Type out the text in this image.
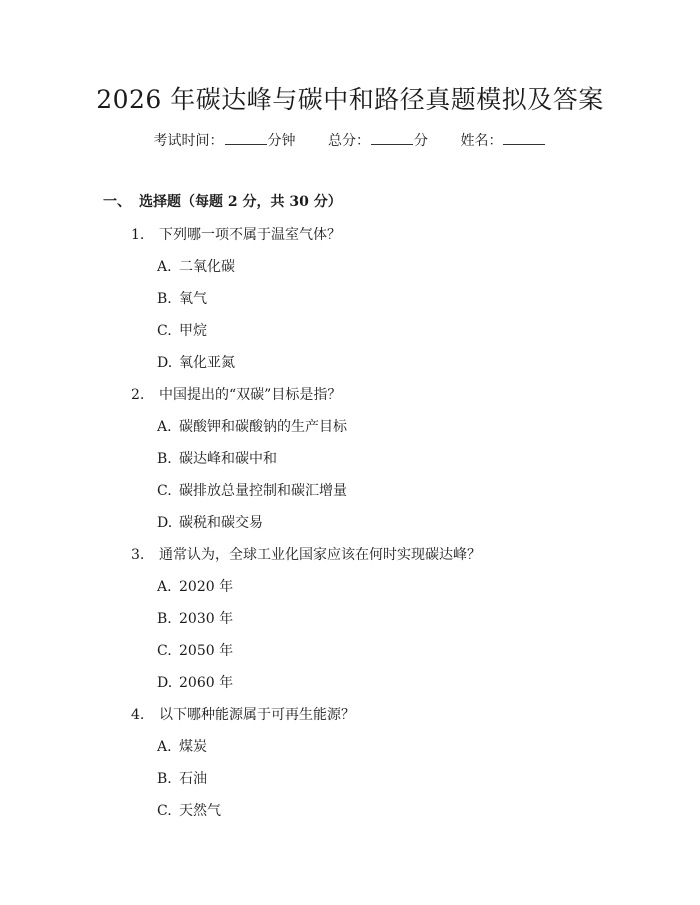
2026 年碳达峰与碳中和路径真题模拟及答案
考试时间：	分钟 总分：	分 姓名：
一、 选择题（每题 2 分，共 30 分）
1. 下列哪一项不属于温室气体？
A. 二氧化碳
B. 氧气
C. 甲烷
D. 氧化亚氮
2. 中国提出的“双碳”目标是指？
A. 碳酸钾和碳酸钠的生产目标
B. 碳达峰和碳中和
C. 碳排放总量控制和碳汇增量
D. 碳税和碳交易
3. 通常认为，全球工业化国家应该在何时实现碳达峰？
A. 2020 年
B. 2030 年
C. 2050 年
D. 2060 年
4. 以下哪种能源属于可再生能源？
A. 煤炭
B. 石油
C. 天然气
